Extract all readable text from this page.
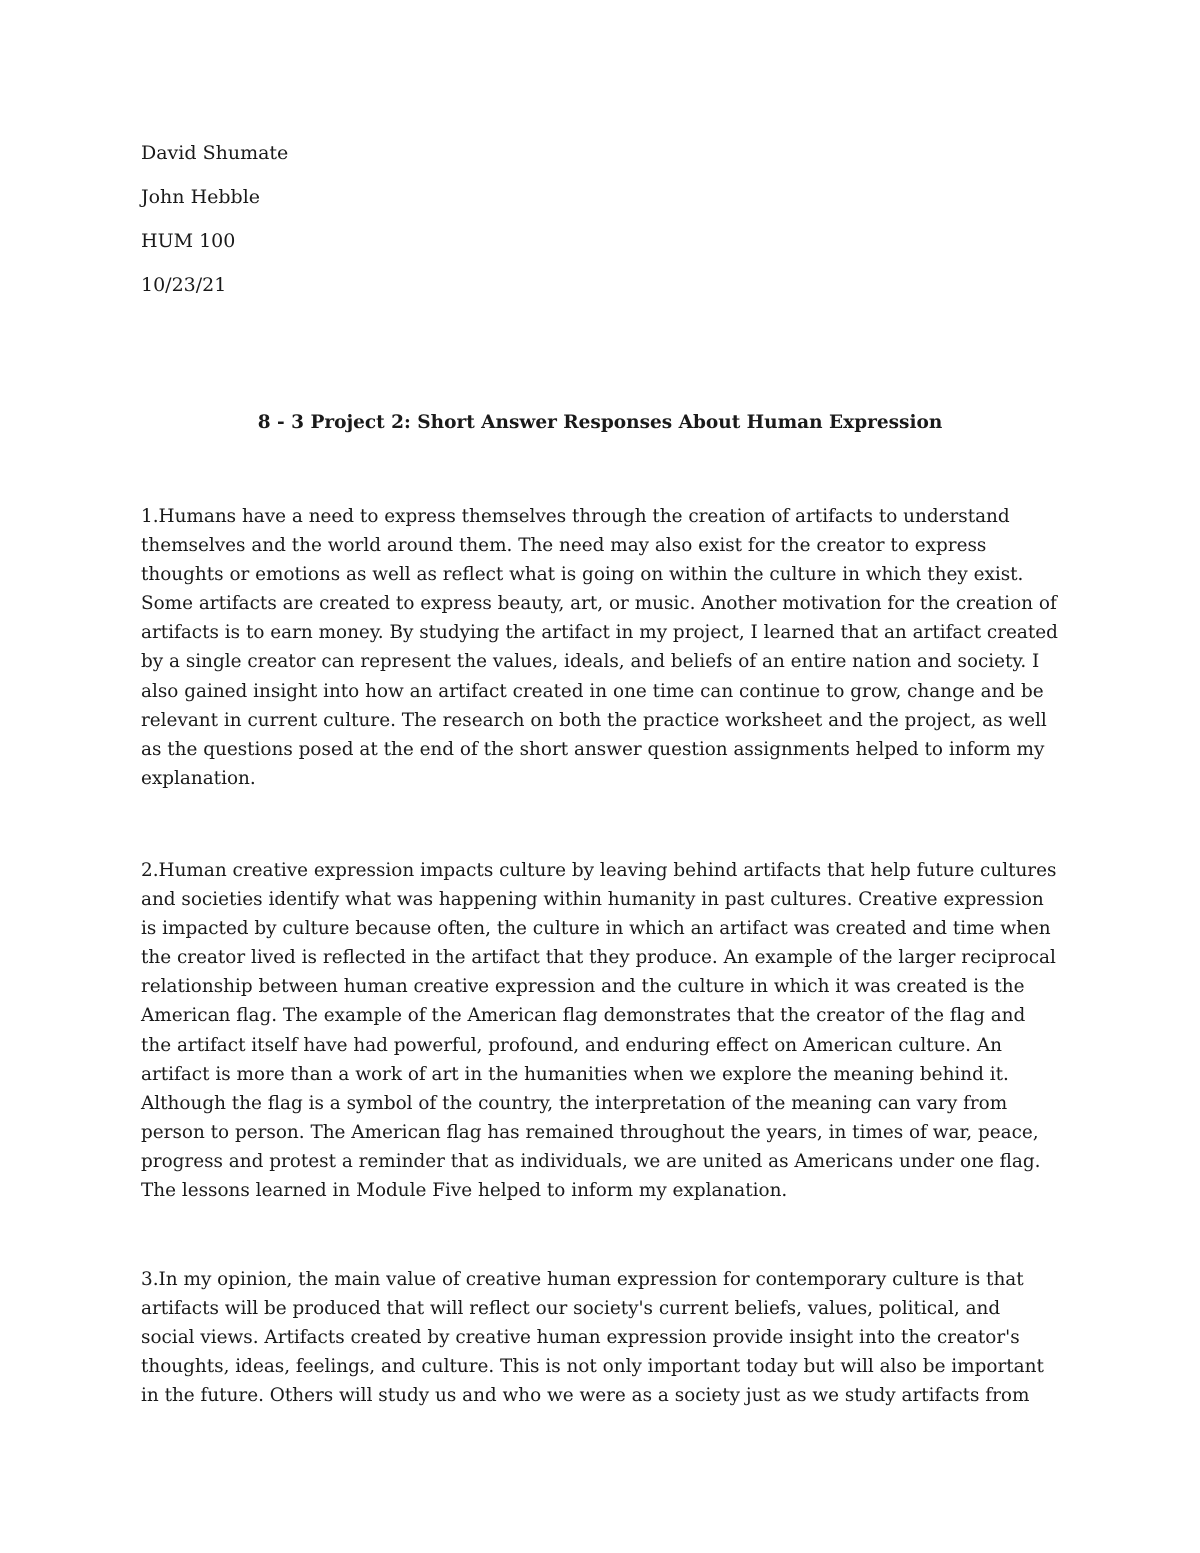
David Shumate
John Hebble
HUM 100
10/23/21
8 - 3 Project 2: Short Answer Responses About Human Expression
1.Humans have a need to express themselves through the creation of artifacts to understand
themselves and the world around them. The need may also exist for the creator to express
thoughts or emotions as well as reflect what is going on within the culture in which they exist.
Some artifacts are created to express beauty, art, or music. Another motivation for the creation of
artifacts is to earn money. By studying the artifact in my project, I learned that an artifact created
by a single creator can represent the values, ideals, and beliefs of an entire nation and society. I
also gained insight into how an artifact created in one time can continue to grow, change and be
relevant in current culture. The research on both the practice worksheet and the project, as well
as the questions posed at the end of the short answer question assignments helped to inform my
explanation.
2.Human creative expression impacts culture by leaving behind artifacts that help future cultures
and societies identify what was happening within humanity in past cultures. Creative expression
is impacted by culture because often, the culture in which an artifact was created and time when
the creator lived is reflected in the artifact that they produce. An example of the larger reciprocal
relationship between human creative expression and the culture in which it was created is the
American flag. The example of the American flag demonstrates that the creator of the flag and
the artifact itself have had powerful, profound, and enduring effect on American culture. An
artifact is more than a work of art in the humanities when we explore the meaning behind it.
Although the flag is a symbol of the country, the interpretation of the meaning can vary from
person to person. The American flag has remained throughout the years, in times of war, peace,
progress and protest a reminder that as individuals, we are united as Americans under one flag.
The lessons learned in Module Five helped to inform my explanation.
3.In my opinion, the main value of creative human expression for contemporary culture is that
artifacts will be produced that will reflect our society's current beliefs, values, political, and
social views. Artifacts created by creative human expression provide insight into the creator's
thoughts, ideas, feelings, and culture. This is not only important today but will also be important
in the future. Others will study us and who we were as a society just as we study artifacts from
